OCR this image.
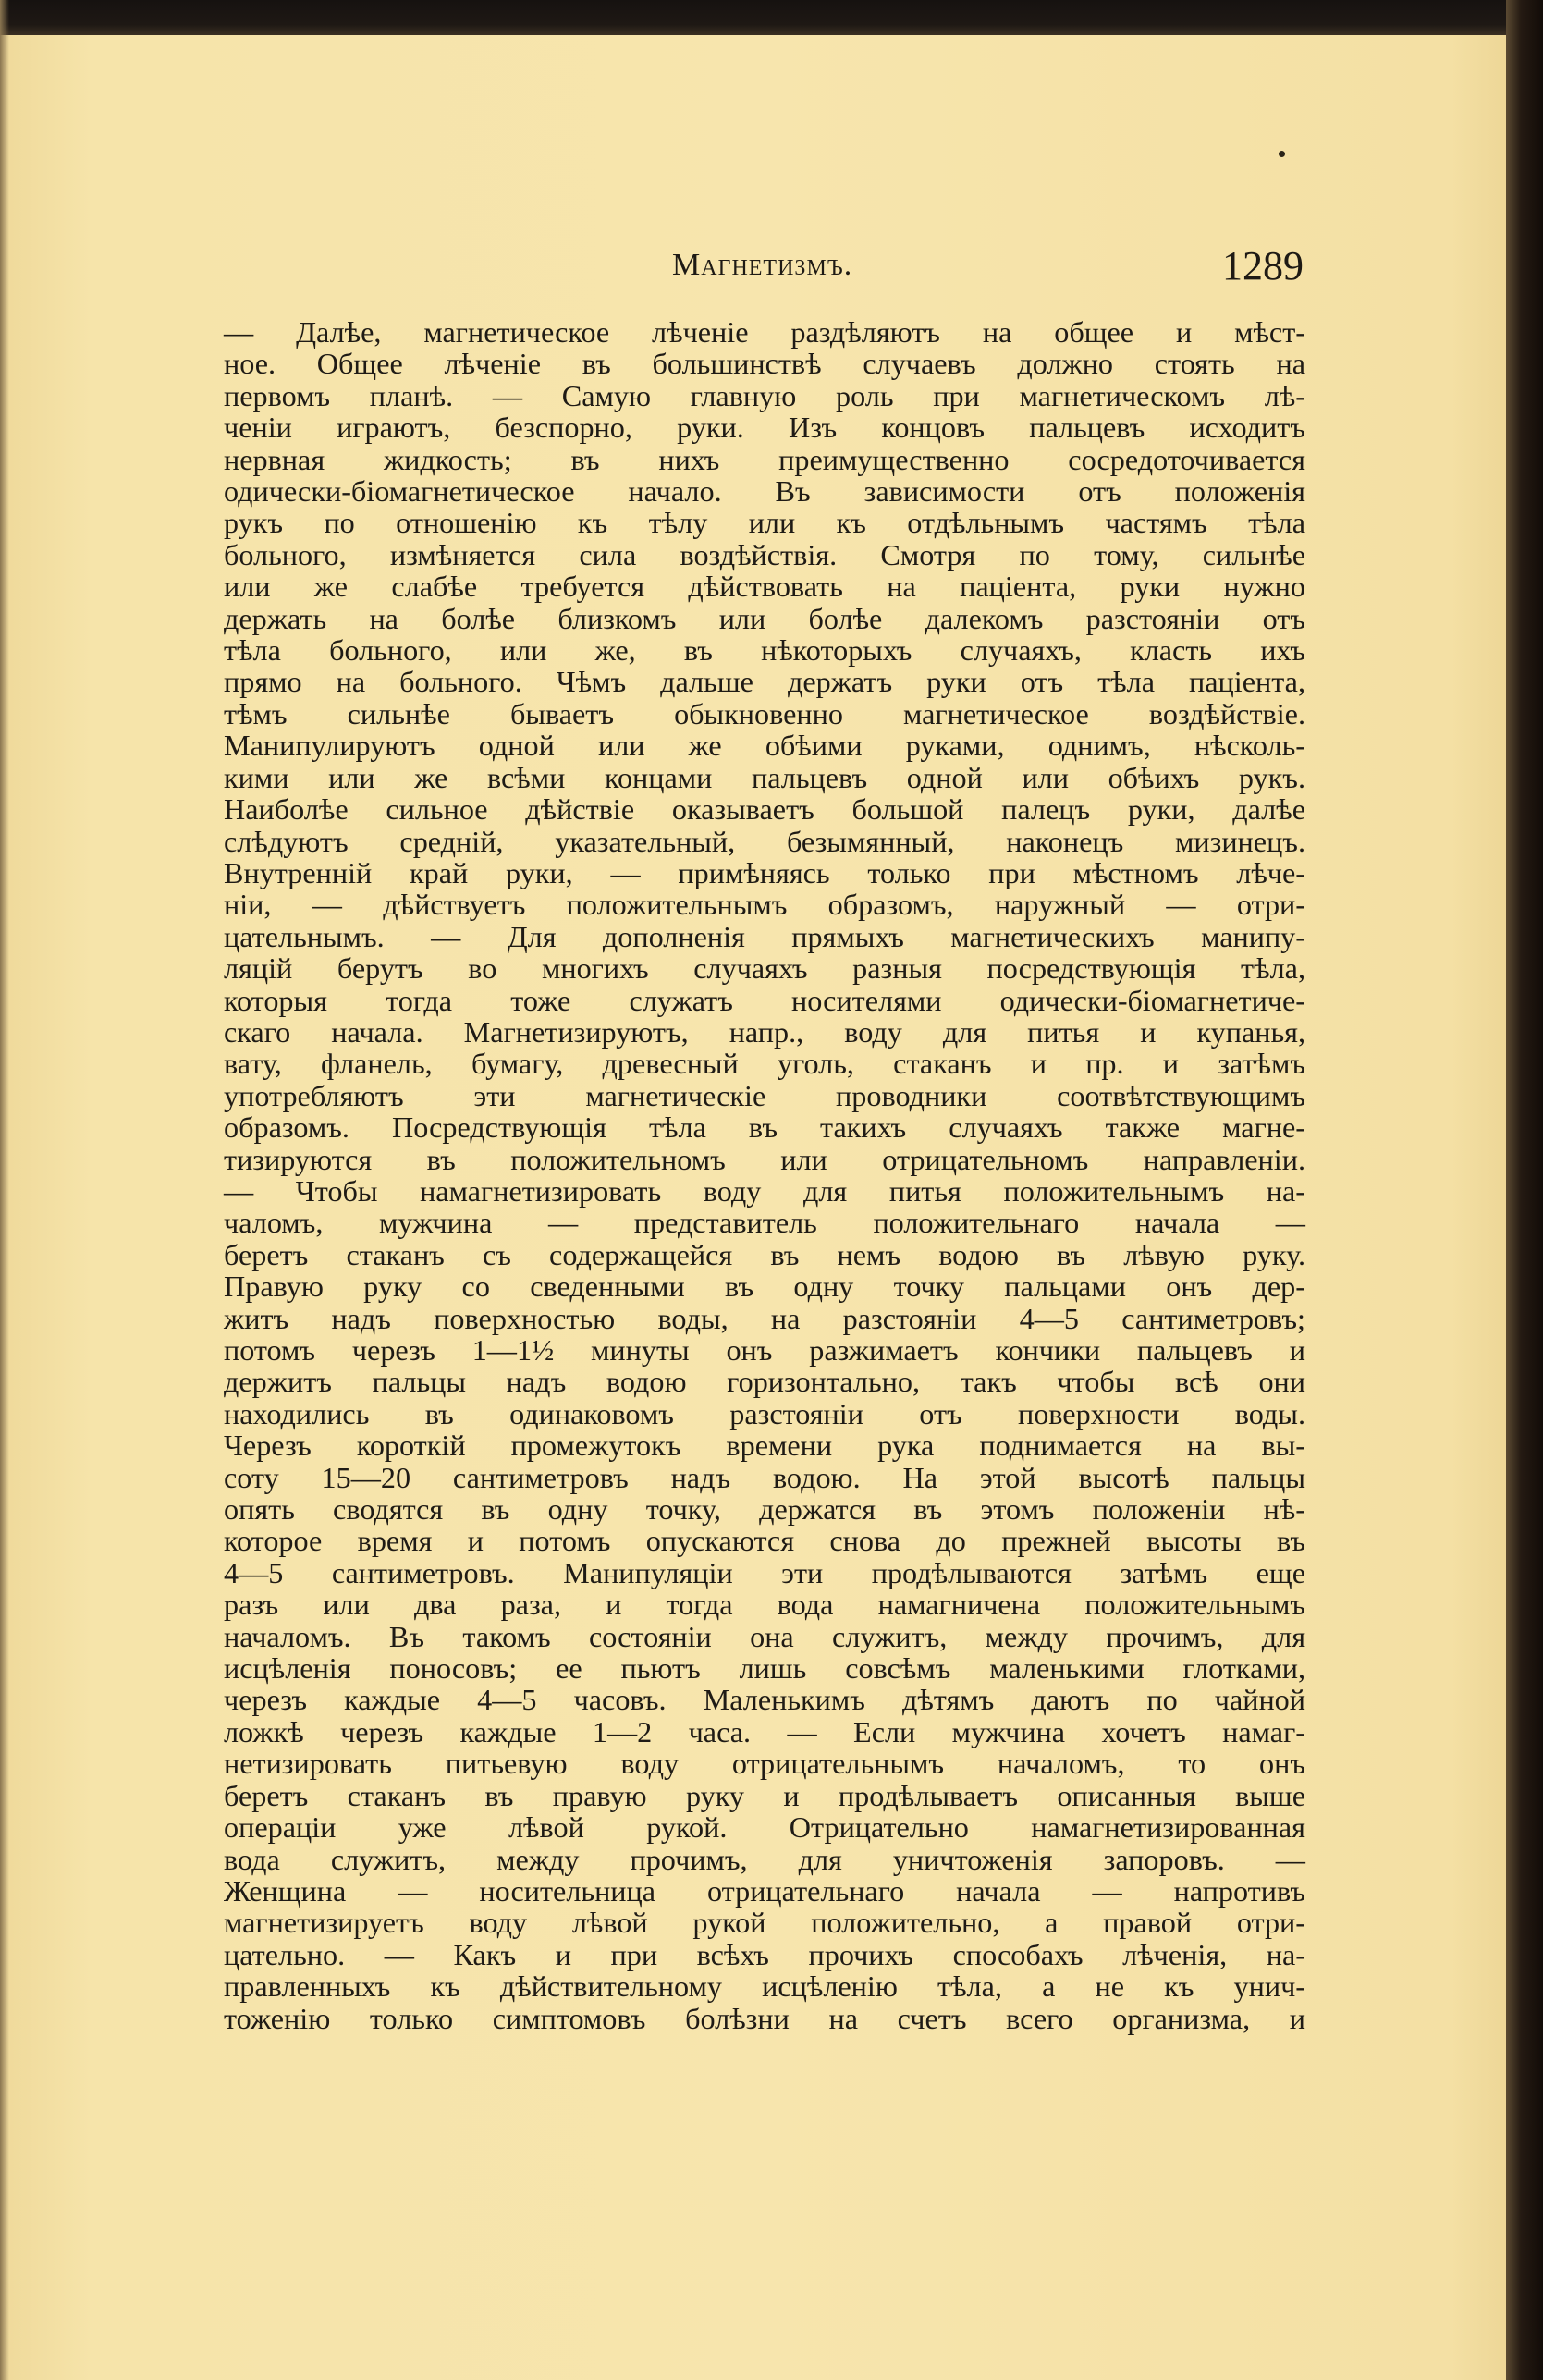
Магнетизмъ.	1289
— Далѣе, магнетическое лѣченіе раздѣляютъ на общее и мѣст-
ное. Общее лѣченіе въ большинствѣ случаевъ должно стоять на
первомъ планѣ. — Самую главную роль при магнетическомъ лѣ-
ченіи играютъ, безспорно, руки. Изъ концовъ пальцевъ исходитъ
нервная жидкость; въ нихъ преимущественно сосредоточивается
одически-біомагнетическое начало. Въ зависимости отъ положенія
рукъ по отношенію къ тѣлу или къ отдѣльнымъ частямъ тѣла
больного, измѣняется сила воздѣйствія. Смотря по тому, сильнѣе
или же слабѣе требуется дѣйствовать на паціента, руки нужно
держать на болѣе близкомъ или болѣе далекомъ разстояніи отъ
тѣла больного, или же, въ нѣкоторыхъ случаяхъ, класть ихъ
прямо на больного. Чѣмъ дальше держатъ руки отъ тѣла паціента,
тѣмъ сильнѣе бываетъ обыкновенно магнетическое воздѣйствіе.
Манипулируютъ одной или же обѣими руками, однимъ, нѣсколь-
кими или же всѣми концами пальцевъ одной или обѣихъ рукъ.
Наиболѣе сильное дѣйствіе оказываетъ большой палецъ руки, далѣе
слѣдуютъ средній, указательный, безымянный, наконецъ мизинецъ.
Внутренній край руки, — примѣняясь только при мѣстномъ лѣче-
ніи, — дѣйствуетъ положительнымъ образомъ, наружный — отри-
цательнымъ. — Для дополненія прямыхъ магнетическихъ манипу-
ляцій берутъ во многихъ случаяхъ разныя посредствующія тѣла,
которыя тогда тоже служатъ носителями одически-біомагнетиче-
скаго начала. Магнетизируютъ, напр., воду для питья и купанья,
вату, фланель, бумагу, древесный уголь, стаканъ и пр. и затѣмъ
употребляютъ эти магнетическіе проводники соотвѣтствующимъ
образомъ. Посредствующія тѣла въ такихъ случаяхъ также магне-
тизируются въ положительномъ или отрицательномъ направленіи.
— Чтобы намагнетизировать воду для питья положительнымъ на-
чаломъ, мужчина — представитель положительнаго начала —
беретъ стаканъ съ содержащейся въ немъ водою въ лѣвую руку.
Правую руку со сведенными въ одну точку пальцами онъ дер-
житъ надъ поверхностью воды, на разстояніи 4—5 сантиметровъ;
потомъ черезъ 1—1½ минуты онъ разжимаетъ кончики пальцевъ и
держитъ пальцы надъ водою горизонтально, такъ чтобы всѣ они
находились въ одинаковомъ разстояніи отъ поверхности воды.
Черезъ короткій промежутокъ времени рука поднимается на вы-
соту 15—20 сантиметровъ надъ водою. На этой высотѣ пальцы
опять сводятся въ одну точку, держатся въ этомъ положеніи нѣ-
которое время и потомъ опускаются снова до прежней высоты въ
4—5 сантиметровъ. Манипуляціи эти продѣлываются затѣмъ еще
разъ или два раза, и тогда вода намагничена положительнымъ
началомъ. Въ такомъ состояніи она служитъ, между прочимъ, для
исцѣленія поносовъ; ее пьютъ лишь совсѣмъ маленькими глотками,
черезъ каждые 4—5 часовъ. Маленькимъ дѣтямъ даютъ по чайной
ложкѣ черезъ каждые 1—2 часа. — Если мужчина хочетъ намаг-
нетизировать питьевую воду отрицательнымъ началомъ, то онъ
беретъ стаканъ въ правую руку и продѣлываетъ описанныя выше
операціи уже лѣвой рукой. Отрицательно намагнетизированная
вода служитъ, между прочимъ, для уничтоженія запоровъ. —
Женщина — носительница отрицательнаго начала — напротивъ
магнетизируетъ воду лѣвой рукой положительно, а правой отри-
цательно. — Какъ и при всѣхъ прочихъ способахъ лѣченія, на-
правленныхъ къ дѣйствительному исцѣленію тѣла, а не къ унич-
тоженію только симптомовъ болѣзни на счетъ всего организма, и
